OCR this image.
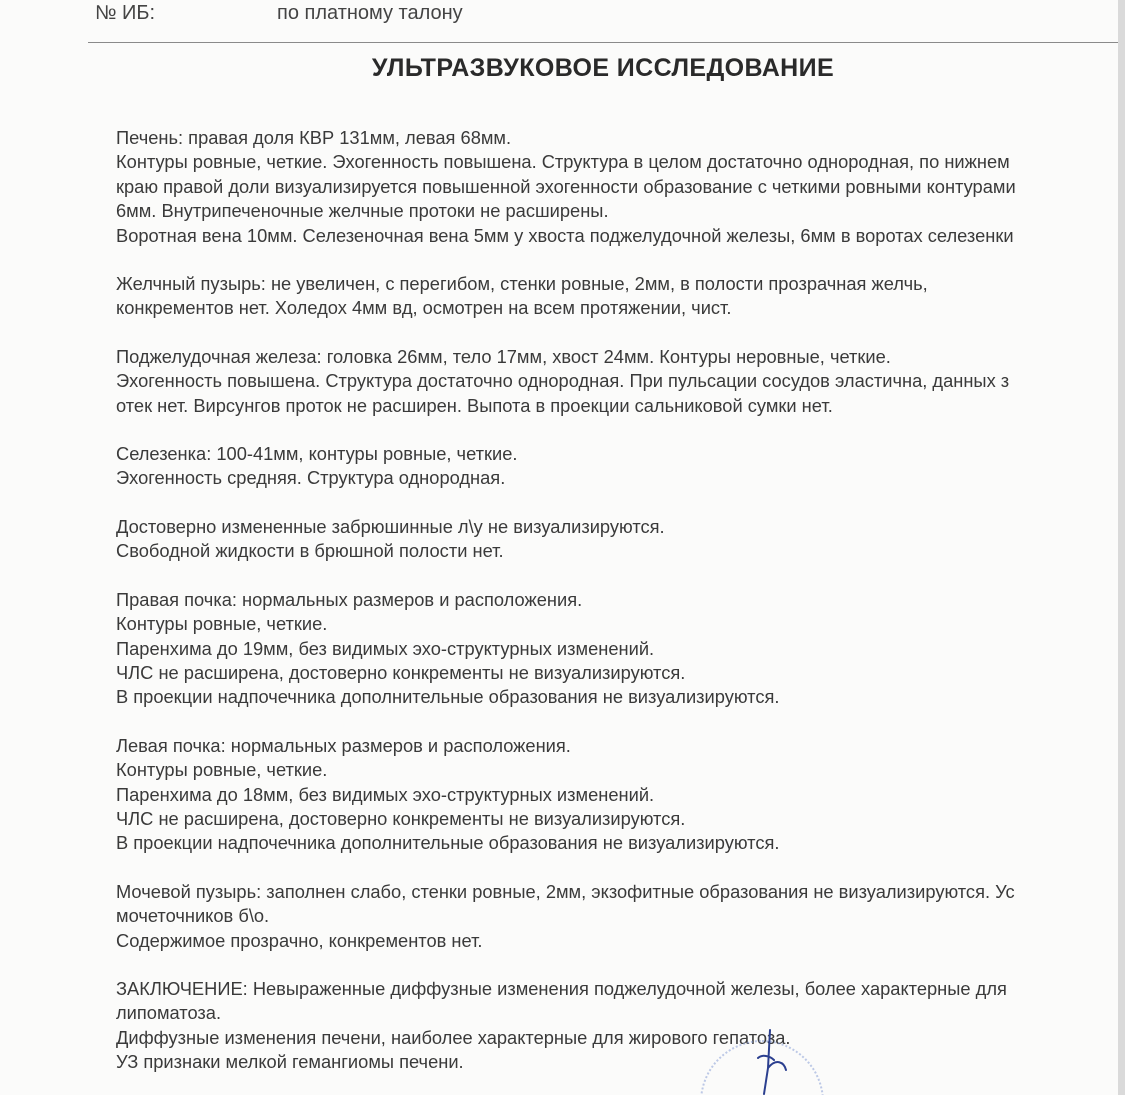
№ ИБ:	по платному талону
УЛЬТРАЗВУКОВОЕ ИССЛЕДОВАНИЕ
Печень: правая доля КВР 131мм, левая 68мм.
Контуры ровные, четкие. Эхогенность повышена. Структура в целом достаточно однородная, по нижнем
краю правой доли визуализируется повышенной эхогенности образование с четкими ровными контурами
6мм. Внутрипеченочные желчные протоки не расширены.
Воротная вена 10мм. Селезеночная вена 5мм у хвоста поджелудочной железы, 6мм в воротах селезенки
Желчный пузырь: не увеличен, с перегибом, стенки ровные, 2мм, в полости прозрачная желчь,
конкрементов нет. Холедох 4мм вд, осмотрен на всем протяжении, чист.
Поджелудочная железа: головка 26мм, тело 17мм, хвост 24мм. Контуры неровные, четкие.
Эхогенность повышена. Структура достаточно однородная. При пульсации сосудов эластична, данных з
отек нет. Вирсунгов проток не расширен. Выпота в проекции сальниковой сумки нет.
Селезенка: 100-41мм, контуры ровные, четкие.
Эхогенность средняя. Структура однородная.
Достоверно измененные забрюшинные л\у не визуализируются.
Свободной жидкости в брюшной полости нет.
Правая почка: нормальных размеров и расположения.
Контуры ровные, четкие.
Паренхима до 19мм, без видимых эхо-структурных изменений.
ЧЛС не расширена, достоверно конкременты не визуализируются.
В проекции надпочечника дополнительные образования не визуализируются.
Левая почка: нормальных размеров и расположения.
Контуры ровные, четкие.
Паренхима до 18мм, без видимых эхо-структурных изменений.
ЧЛС не расширена, достоверно конкременты не визуализируются.
В проекции надпочечника дополнительные образования не визуализируются.
Мочевой пузырь: заполнен слабо, стенки ровные, 2мм, экзофитные образования не визуализируются. Ус
мочеточников б\о.
Содержимое прозрачно, конкрементов нет.
ЗАКЛЮЧЕНИЕ: Невыраженные диффузные изменения поджелудочной железы, более характерные для
липоматоза.
Диффузные изменения печени, наиболее характерные для жирового гепатоза.
УЗ признаки мелкой гемангиомы печени.
